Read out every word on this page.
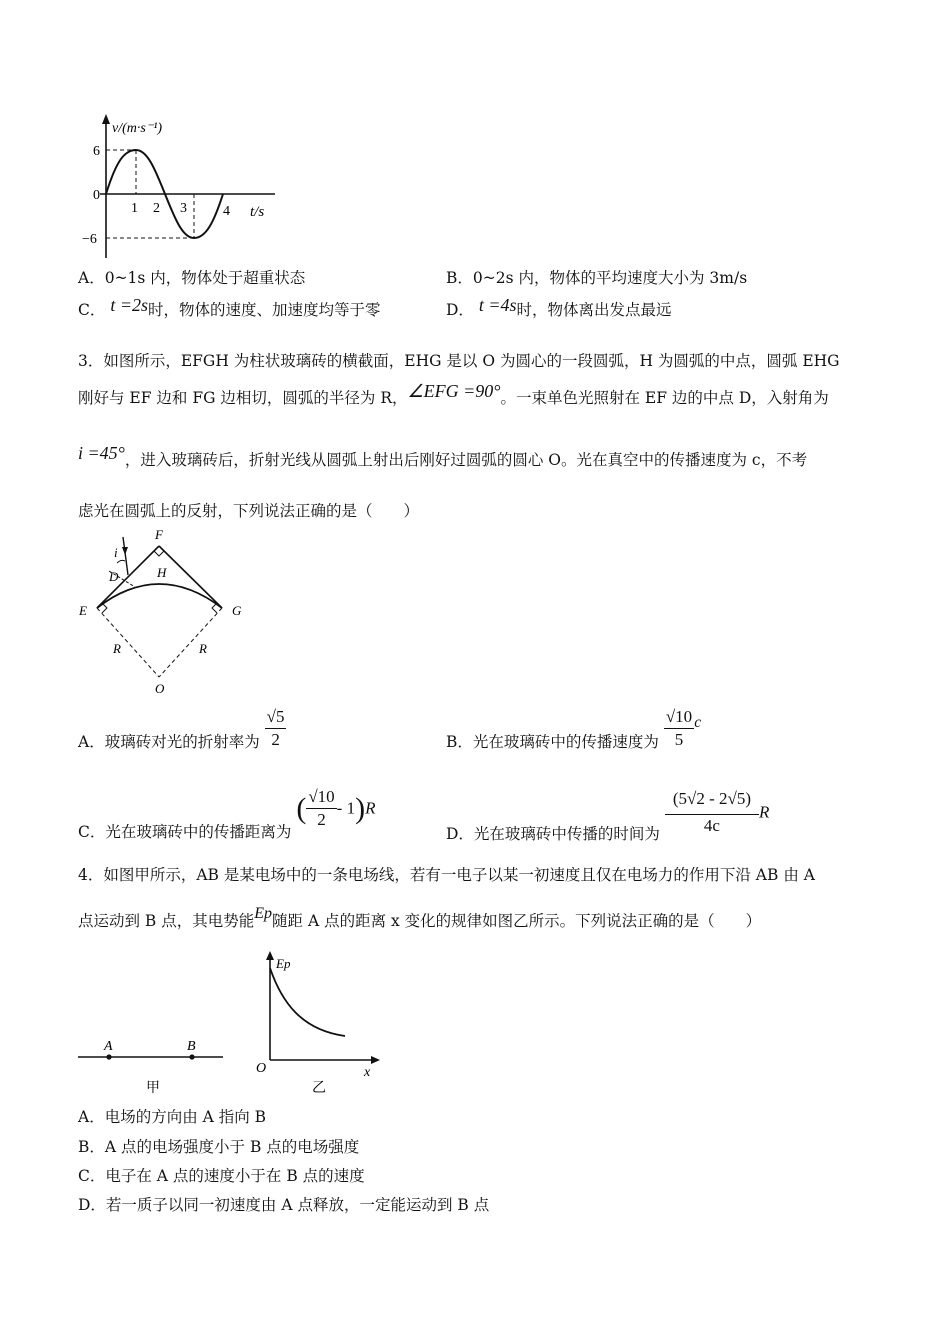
v/(m·s⁻¹)
6
0
−6
1 2 3	4 t/s
A．0~1s 内，物体处于超重状态	B．0~2s 内，物体的平均速度大小为 3m/s
C． t =2s时，物体的速度、加速度均等于零	D． t =4s时，物体离出发点最远
3．如图所示，EFGH 为柱状玻璃砖的横截面，EHG 是以 O 为圆心的一段圆弧，H 为圆弧的中点，圆弧 EHG
刚好与 EF 边和 FG 边相切，圆弧的半径为 R，∠EFG =90°。一束单色光照射在 EF 边的中点 D，入射角为
i =45°，进入玻璃砖后，折射光线从圆弧上射出后刚好过圆弧的圆心 O。光在真空中的传播速度为 c，不考
虑光在圆弧上的反射，下列说法正确的是（　　）
F
i
D	H
E	G
R	R
O
A．玻璃砖对光的折射率为 $\frac{√5}{2}$	B．光在玻璃砖中的传播速度为 $\frac{√10}{5}$ c
C．光在玻璃砖中的传播距离为 ( $\frac{√10}{2} - 1)R$
D．光在玻璃砖中传播的时间为 $\frac{(5√2 - 2√5)}{4c}$ R
4．如图甲所示，AB 是某电场中的一条电场线，若有一电子以某一初速度且仅在电场力的作用下沿 AB 由 A
点运动到 B 点，其电势能Ep随距 A 点的距离 x 变化的规律如图乙所示。下列说法正确的是（　　）
A	B
甲
Ep
O	x
乙
A．电场的方向由 A 指向 B
B．A 点的电场强度小于 B 点的电场强度
C．电子在 A 点的速度小于在 B 点的速度
D．若一质子以同一初速度由 A 点释放，一定能运动到 B 点
